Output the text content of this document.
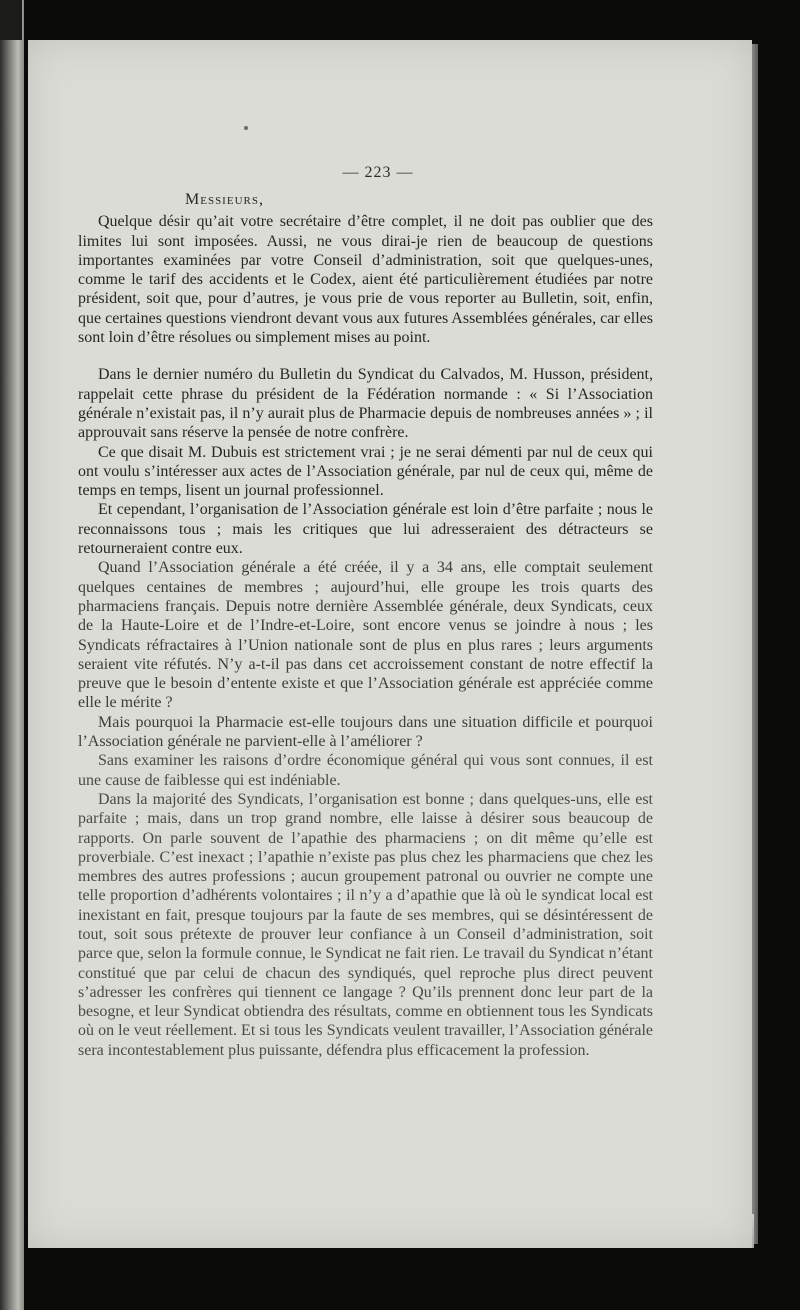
— 223 —

Messieurs,

Quelque désir qu’ait votre secrétaire d’être complet, il ne doit pas oublier que des limites lui sont imposées. Aussi, ne vous dirai-je rien de beaucoup de questions importantes examinées par votre Conseil d’administration, soit que quelques-unes, comme le tarif des accidents et le Codex, aient été particulièrement étudiées par notre président, soit que, pour d’autres, je vous prie de vous reporter au Bulletin, soit, enfin, que certaines questions viendront devant vous aux futures Assemblées générales, car elles sont loin d’être résolues ou simplement mises au point.

Dans le dernier numéro du Bulletin du Syndicat du Calvados, M. Husson, président, rappelait cette phrase du président de la Fédération normande : « Si l’Association générale n’existait pas, il n’y aurait plus de Pharmacie depuis de nombreuses années » ; il approuvait sans réserve la pensée de notre confrère.

Ce que disait M. Dubuis est strictement vrai ; je ne serai démenti par nul de ceux qui ont voulu s’intéresser aux actes de l’Association générale, par nul de ceux qui, même de temps en temps, lisent un journal professionnel.

Et cependant, l’organisation de l’Association générale est loin d’être parfaite ; nous le reconnaissons tous ; mais les critiques que lui adresseraient des détracteurs se retourneraient contre eux.

Quand l’Association générale a été créée, il y a 34 ans, elle comptait seulement quelques centaines de membres ; aujourd’hui, elle groupe les trois quarts des pharmaciens français. Depuis notre dernière Assemblée générale, deux Syndicats, ceux de la Haute-Loire et de l’Indre-et-Loire, sont encore venus se joindre à nous ; les Syndicats réfractaires à l’Union nationale sont de plus en plus rares ; leurs arguments seraient vite réfutés. N’y a-t-il pas dans cet accroissement constant de notre effectif la preuve que le besoin d’entente existe et que l’Association générale est appréciée comme elle le mérite ?

Mais pourquoi la Pharmacie est-elle toujours dans une situation difficile et pourquoi l’Association générale ne parvient-elle à l’améliorer ?

Sans examiner les raisons d’ordre économique général qui vous sont connues, il est une cause de faiblesse qui est indéniable.

Dans la majorité des Syndicats, l’organisation est bonne ; dans quelques-uns, elle est parfaite ; mais, dans un trop grand nombre, elle laisse à désirer sous beaucoup de rapports. On parle souvent de l’apathie des pharmaciens ; on dit même qu’elle est proverbiale. C’est inexact ; l’apathie n’existe pas plus chez les pharmaciens que chez les membres des autres professions ; aucun groupement patronal ou ouvrier ne compte une telle proportion d’adhérents volontaires ; il n’y a d’apathie que là où le syndicat local est inexistant en fait, presque toujours par la faute de ses membres, qui se désintéressent de tout, soit sous prétexte de prouver leur confiance à un Conseil d’administration, soit parce que, selon la formule connue, le Syndicat ne fait rien. Le travail du Syndicat n’étant constitué que par celui de chacun des syndiqués, quel reproche plus direct peuvent s’adresser les confrères qui tiennent ce langage ? Qu’ils prennent donc leur part de la besogne, et leur Syndicat obtiendra des résultats, comme en obtiennent tous les Syndicats où on le veut réellement. Et si tous les Syndicats veulent travailler, l’Association générale sera incontestablement plus puissante, défendra plus efficacement la profession.
